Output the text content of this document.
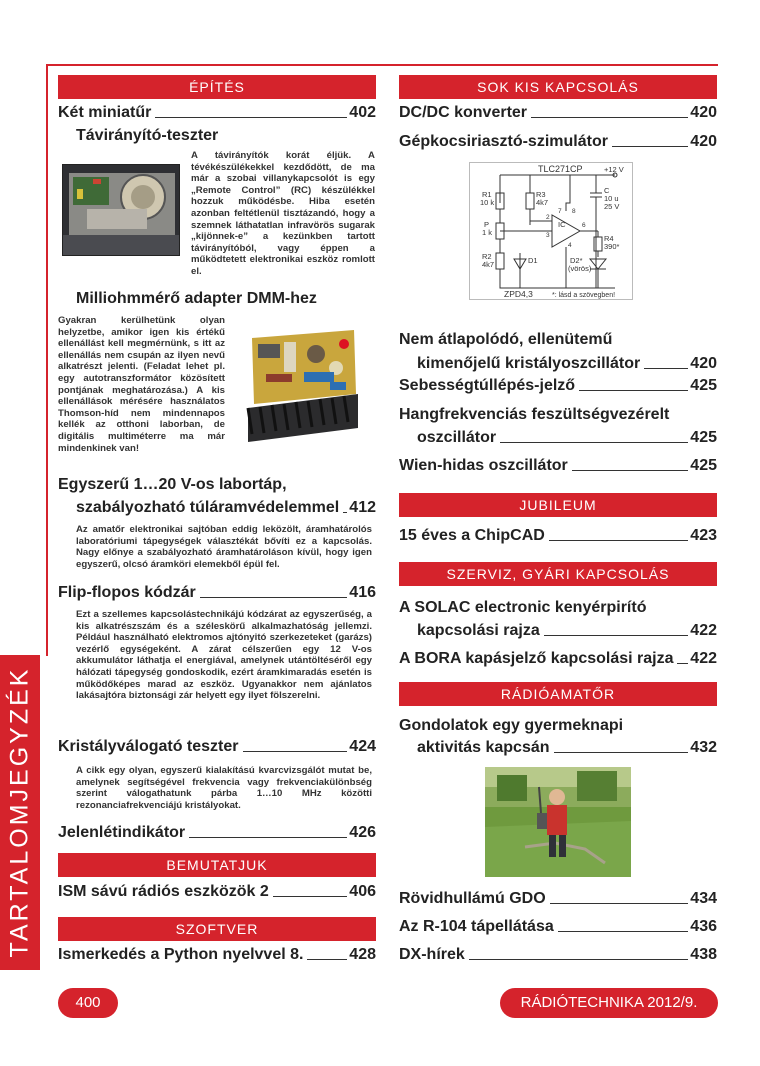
TARTALOMJEGYZÉK
ÉPÍTÉS
Két miniatűr	402
Távirányító-teszter
A távirányítók korát éljük. A tévékészülékekkel kezdődött, de ma már a szobai villanykapcsolót is egy „Remote Control” (RC) készülékkel hozzuk működésbe. Hiba esetén azonban feltétlenül tisztázandó, hogy a szemnek láthatatlan infravörös sugarak „kijönnek-e” a kezünkben tartott távirányítóból, vagy éppen a működtetett elektronikai eszköz romlott el.
Milliohmmérő adapter DMM-hez
Gyakran kerülhetünk olyan helyzetbe, amikor igen kis értékű ellenállást kell megmérnünk, s itt az ellenállás nem csupán az ilyen nevű alkatrészt jelenti. (Feladat lehet pl. egy autotranszformátor közösített pontjának meghatározása.) A kis ellenállások mérésére használatos Thomson-híd nem mindennapos kellék az otthoni laborban, de digitális multiméterre ma már mindenkinek van!
Egyszerű 1…20 V-os labortáp,
szabályozható túláramvédelemmel 412
Az amatőr elektronikai sajtóban eddig leközölt, áramhatárolós laboratóriumi tápegységek választékát bővíti ez a kapcsolás. Nagy előnye a szabályozható áramhatároláson kívül, hogy igen egyszerű, olcsó áramköri elemekből épül fel.
Flip-flopos kódzár	416
Ezt a szellemes kapcsolástechnikájú kódzárat az egyszerűség, a kis alkatrészszám és a széleskörű alkalmazhatóság jellemzi. Például használható elektromos ajtónyitó szerkezeteket (garázs) vezérlő egységeként. A zárat célszerűen egy 12 V-os akkumulátor láthatja el energiával, amelynek utántöltéséről egy hálózati tápegység gondoskodik, ezért áramkimaradás esetén is működőképes marad az eszköz. Ugyanakkor nem ajánlatos lakásajtóra biztonsági zár helyett egy ilyet fölszerelni.
Kristályválogató teszter	424
A cikk egy olyan, egyszerű kialakítású kvarcvizsgálót mutat be, amelynek segítségével frekvencia vagy frekvenciakülönbség szerint válogathatunk párba 1…10 MHz közötti rezonanciafrekvenciájú kristályokat.
Jelenlétindikátor	426
BEMUTATJUK
ISM sávú rádiós eszközök 2	406
SZOFTVER
Ismerkedés a Python nyelvvel 8.	428
SOK KIS KAPCSOLÁS
DC/DC konverter	420
Gépkocsiriasztó-szimulátor	420
TLC271CP	+12 V
R1
10 k
R3
4k7
C
10 u
25 V
P
1 k
IC
R4
390*
R2
4k7	D1	D2*
(vörös)
ZPD4,3	*: lásd a szövegben!
2
3
4
6
7 8
Nem átlapolódó, ellenütemű
kimenőjelű kristályoszcillátor	420
Sebességtúllépés-jelző	425
Hangfrekvenciás feszültségvezérelt
oszcillátor	425
Wien-hidas oszcillátor	425
JUBILEUM
15 éves a ChipCAD	423
SZERVIZ, GYÁRI KAPCSOLÁS
A SOLAC electronic kenyérpirító
kapcsolási rajza	422
A BORA kapásjelző kapcsolási rajza 422
RÁDIÓAMATŐR
Gondolatok egy gyermeknapi
aktivitás kapcsán	432
Rövidhullámú GDO	434
Az R-104 tápellátása	436
DX-hírek	438
400	RÁDIÓTECHNIKA 2012/9.
